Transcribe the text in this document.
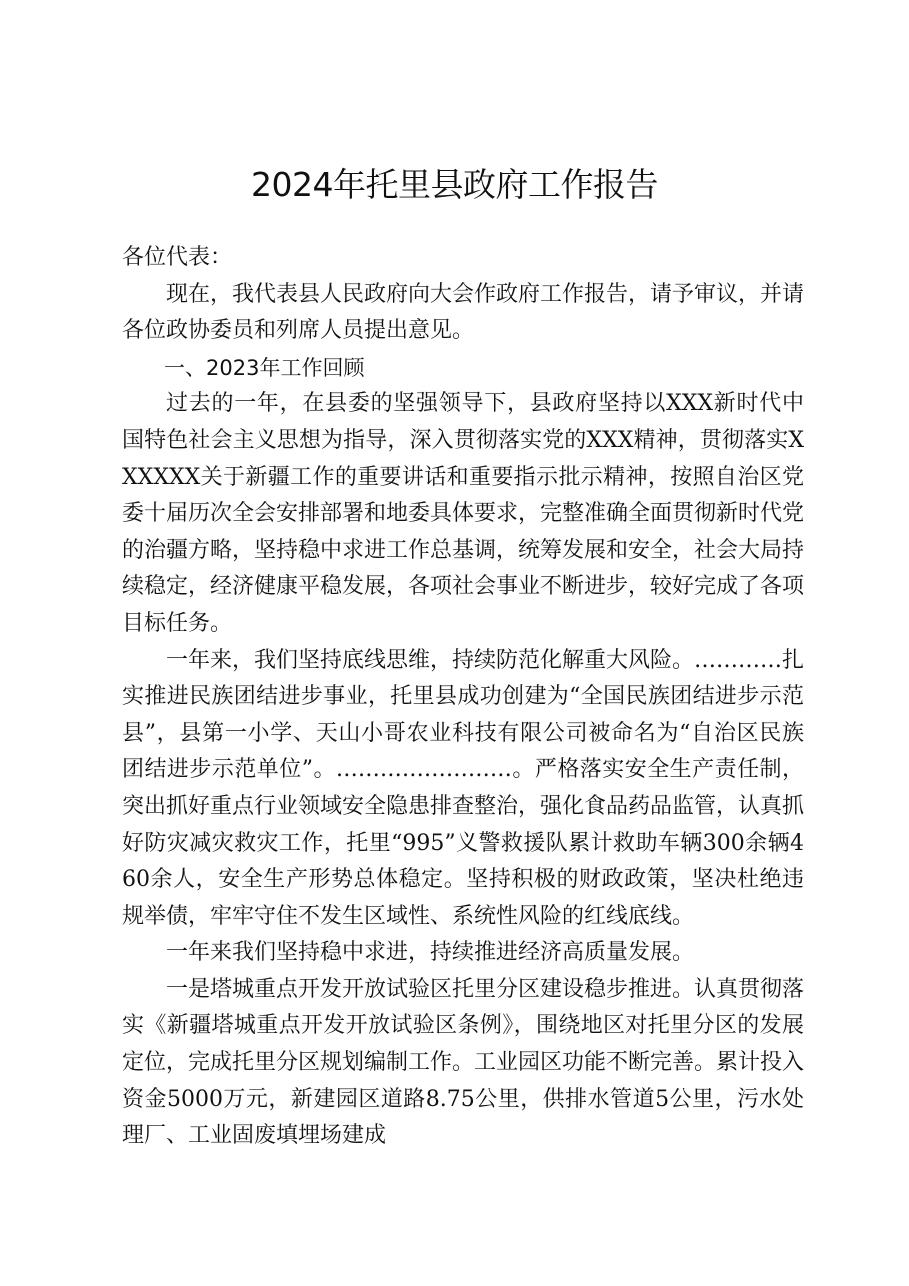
2024年托里县政府工作报告

各位代表：

现在，我代表县人民政府向大会作政府工作报告，请予审议，并请各位政协委员和列席人员提出意见。

一、2023年工作回顾

过去的一年，在县委的坚强领导下，县政府坚持以XXX新时代中国特色社会主义思想为指导，深入贯彻落实党的XXX精神，贯彻落实XXXXXX关于新疆工作的重要讲话和重要指示批示精神，按照自治区党委十届历次全会安排部署和地委具体要求，完整准确全面贯彻新时代党的治疆方略，坚持稳中求进工作总基调，统筹发展和安全，社会大局持续稳定，经济健康平稳发展，各项社会事业不断进步，较好完成了各项目标任务。

一年来，我们坚持底线思维，持续防范化解重大风险。…………扎实推进民族团结进步事业，托里县成功创建为“全国民族团结进步示范县”，县第一小学、天山小哥农业科技有限公司被命名为“自治区民族团结进步示范单位”。……………………。严格落实安全生产责任制，突出抓好重点行业领域安全隐患排查整治，强化食品药品监管，认真抓好防灾减灾救灾工作，托里“995”义警救援队累计救助车辆300余辆460余人，安全生产形势总体稳定。坚持积极的财政政策，坚决杜绝违规举债，牢牢守住不发生区域性、系统性风险的红线底线。

一年来我们坚持稳中求进，持续推进经济高质量发展。

一是塔城重点开发开放试验区托里分区建设稳步推进。认真贯彻落实《新疆塔城重点开发开放试验区条例》，围绕地区对托里分区的发展定位，完成托里分区规划编制工作。工业园区功能不断完善。累计投入资金5000万元，新建园区道路8.75公里，供排水管道5公里，污水处理厂、工业固废填埋场建成
